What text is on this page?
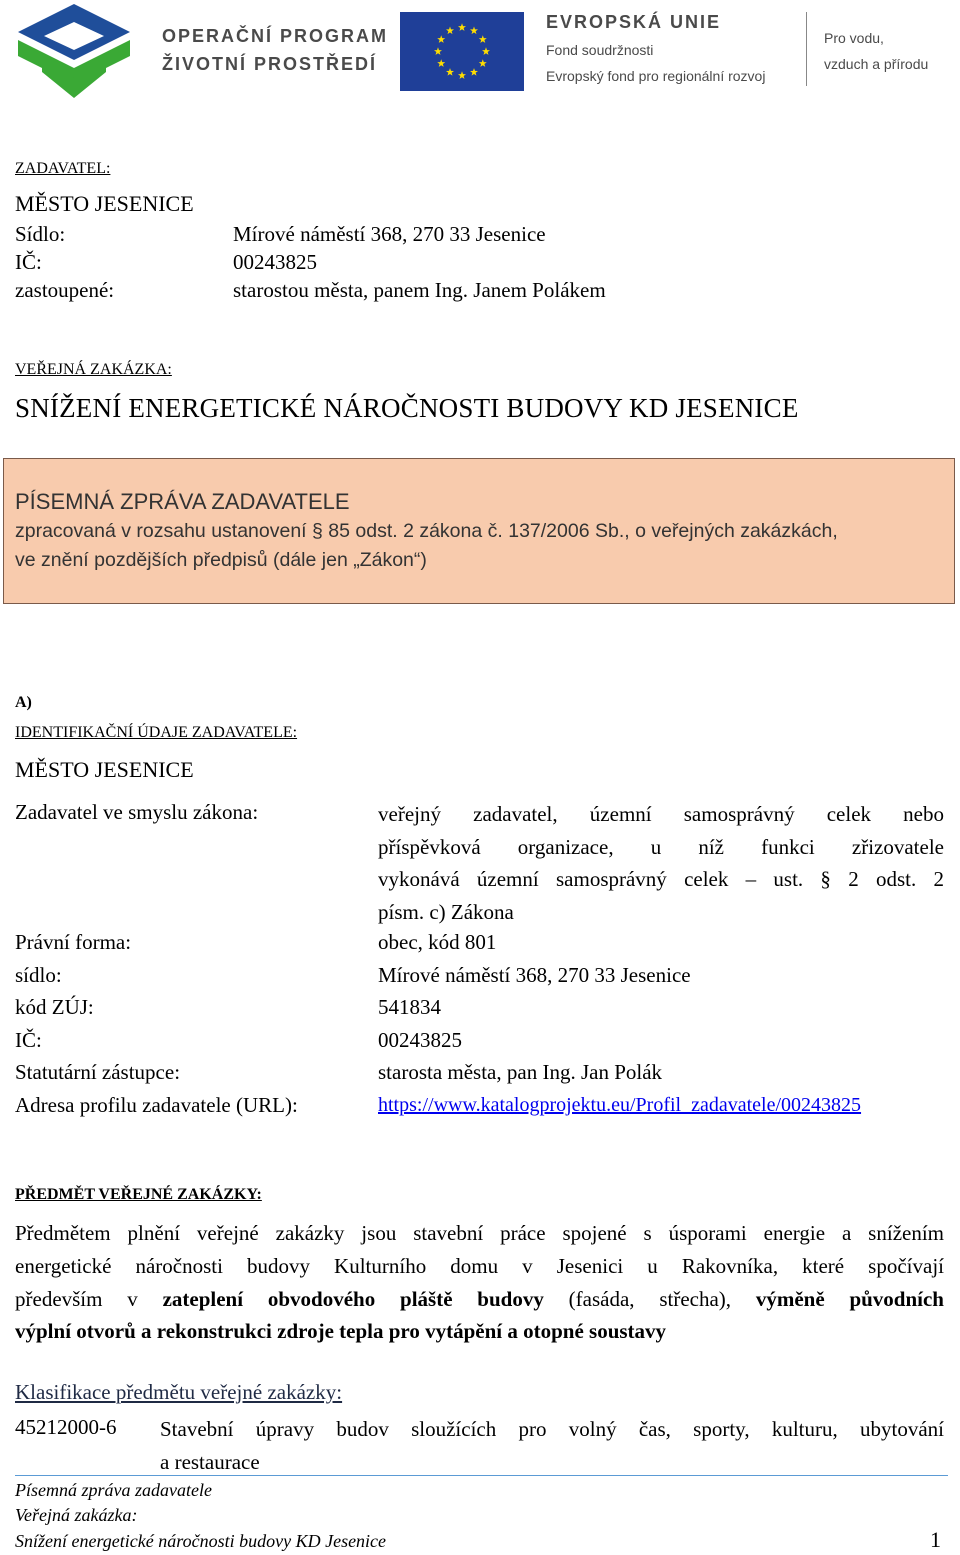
OPERAČNÍ PROGRAM
ŽIVOTNÍ PROSTŘEDÍ
EVROPSKÁ UNIE
Fond soudržnosti
Evropský fond pro regionální rozvoj
Pro vodu,
vzduch a přírodu
ZADAVATEL:
MĚSTO JESENICE
Sídlo:	Mírové náměstí 368, 270 33 Jesenice
IČ:	00243825
zastoupené:	starostou města, panem Ing. Janem Polákem
VEŘEJNÁ ZAKÁZKA:
SNÍŽENÍ ENERGETICKÉ NÁROČNOSTI BUDOVY KD JESENICE
PÍSEMNÁ ZPRÁVA ZADAVATELE
zpracovaná v rozsahu ustanovení § 85 odst. 2 zákona č. 137/2006 Sb., o veřejných zakázkách,
ve znění pozdějších předpisů (dále jen „Zákon“)
A)
IDENTIFIKAČNÍ ÚDAJE ZADAVATELE:
MĚSTO JESENICE
Zadavatel ve smyslu zákona:	veřejný zadavatel, územní samosprávný celek nebo
příspěvková organizace, u níž funkci zřizovatele
vykonává územní samosprávný celek – ust. § 2 odst. 2
písm. c) Zákona
Právní forma:	obec, kód 801
sídlo:	Mírové náměstí 368, 270 33 Jesenice
kód ZÚJ:	541834
IČ:	00243825
Statutární zástupce:	starosta města, pan Ing. Jan Polák
Adresa profilu zadavatele (URL):	https://www.katalogprojektu.eu/Profil_zadavatele/00243825
PŘEDMĚT VEŘEJNÉ ZAKÁZKY:
Předmětem plnění veřejné zakázky jsou stavební práce spojené s úsporami energie a snížením
energetické náročnosti budovy Kulturního domu v Jesenici u Rakovníka, které spočívají
především v zateplení obvodového pláště budovy (fasáda, střecha), výměně původních
výplní otvorů a rekonstrukci zdroje tepla pro vytápění a otopné soustavy
Klasifikace předmětu veřejné zakázky:
45212000-6 Stavební úpravy budov sloužících pro volný čas, sporty, kulturu, ubytování
a restaurace
Písemná zpráva zadavatele
Veřejná zakázka:
Snížení energetické náročnosti budovy KD Jesenice	1
